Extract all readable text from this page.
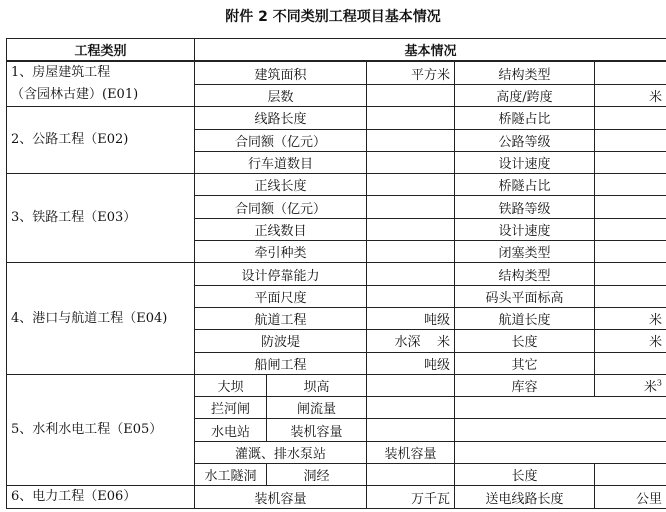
附件 2 不同类别工程项目基本情况
工程类别	基本情况				

1、房屋建筑工程
（含园林古建）(E01)	建筑面积		平方米	结构类型	
	层数			高度/跨度	米
2、公路工程（E02)	线路长度			桥隧占比	
	合同额（亿元）			公路等级	
	行车道数目			设计速度	
3、铁路工程（E03）	正线长度			桥隧占比	
	合同额（亿元）			铁路等级	
	正线数目			设计速度	
	牵引种类			闭塞类型	
4、港口与航道工程（E04)	设计停靠能力			结构类型	
	平面尺度			码头平面标高	
	航道工程		吨级	航道长度	米
	防波堤		水深    米	长度	米
	船闸工程		吨级	其它	
5、水利水电工程（E05）	大坝	坝高		库容	米$^3$
	拦河闸	闸流量			
	水电站	装机容量			
	灌溉、排水泵站		装机容量		
	水工隧洞	洞经		长度	
6、电力工程（E06）	装机容量		万千瓦	送电线路长度	公里
